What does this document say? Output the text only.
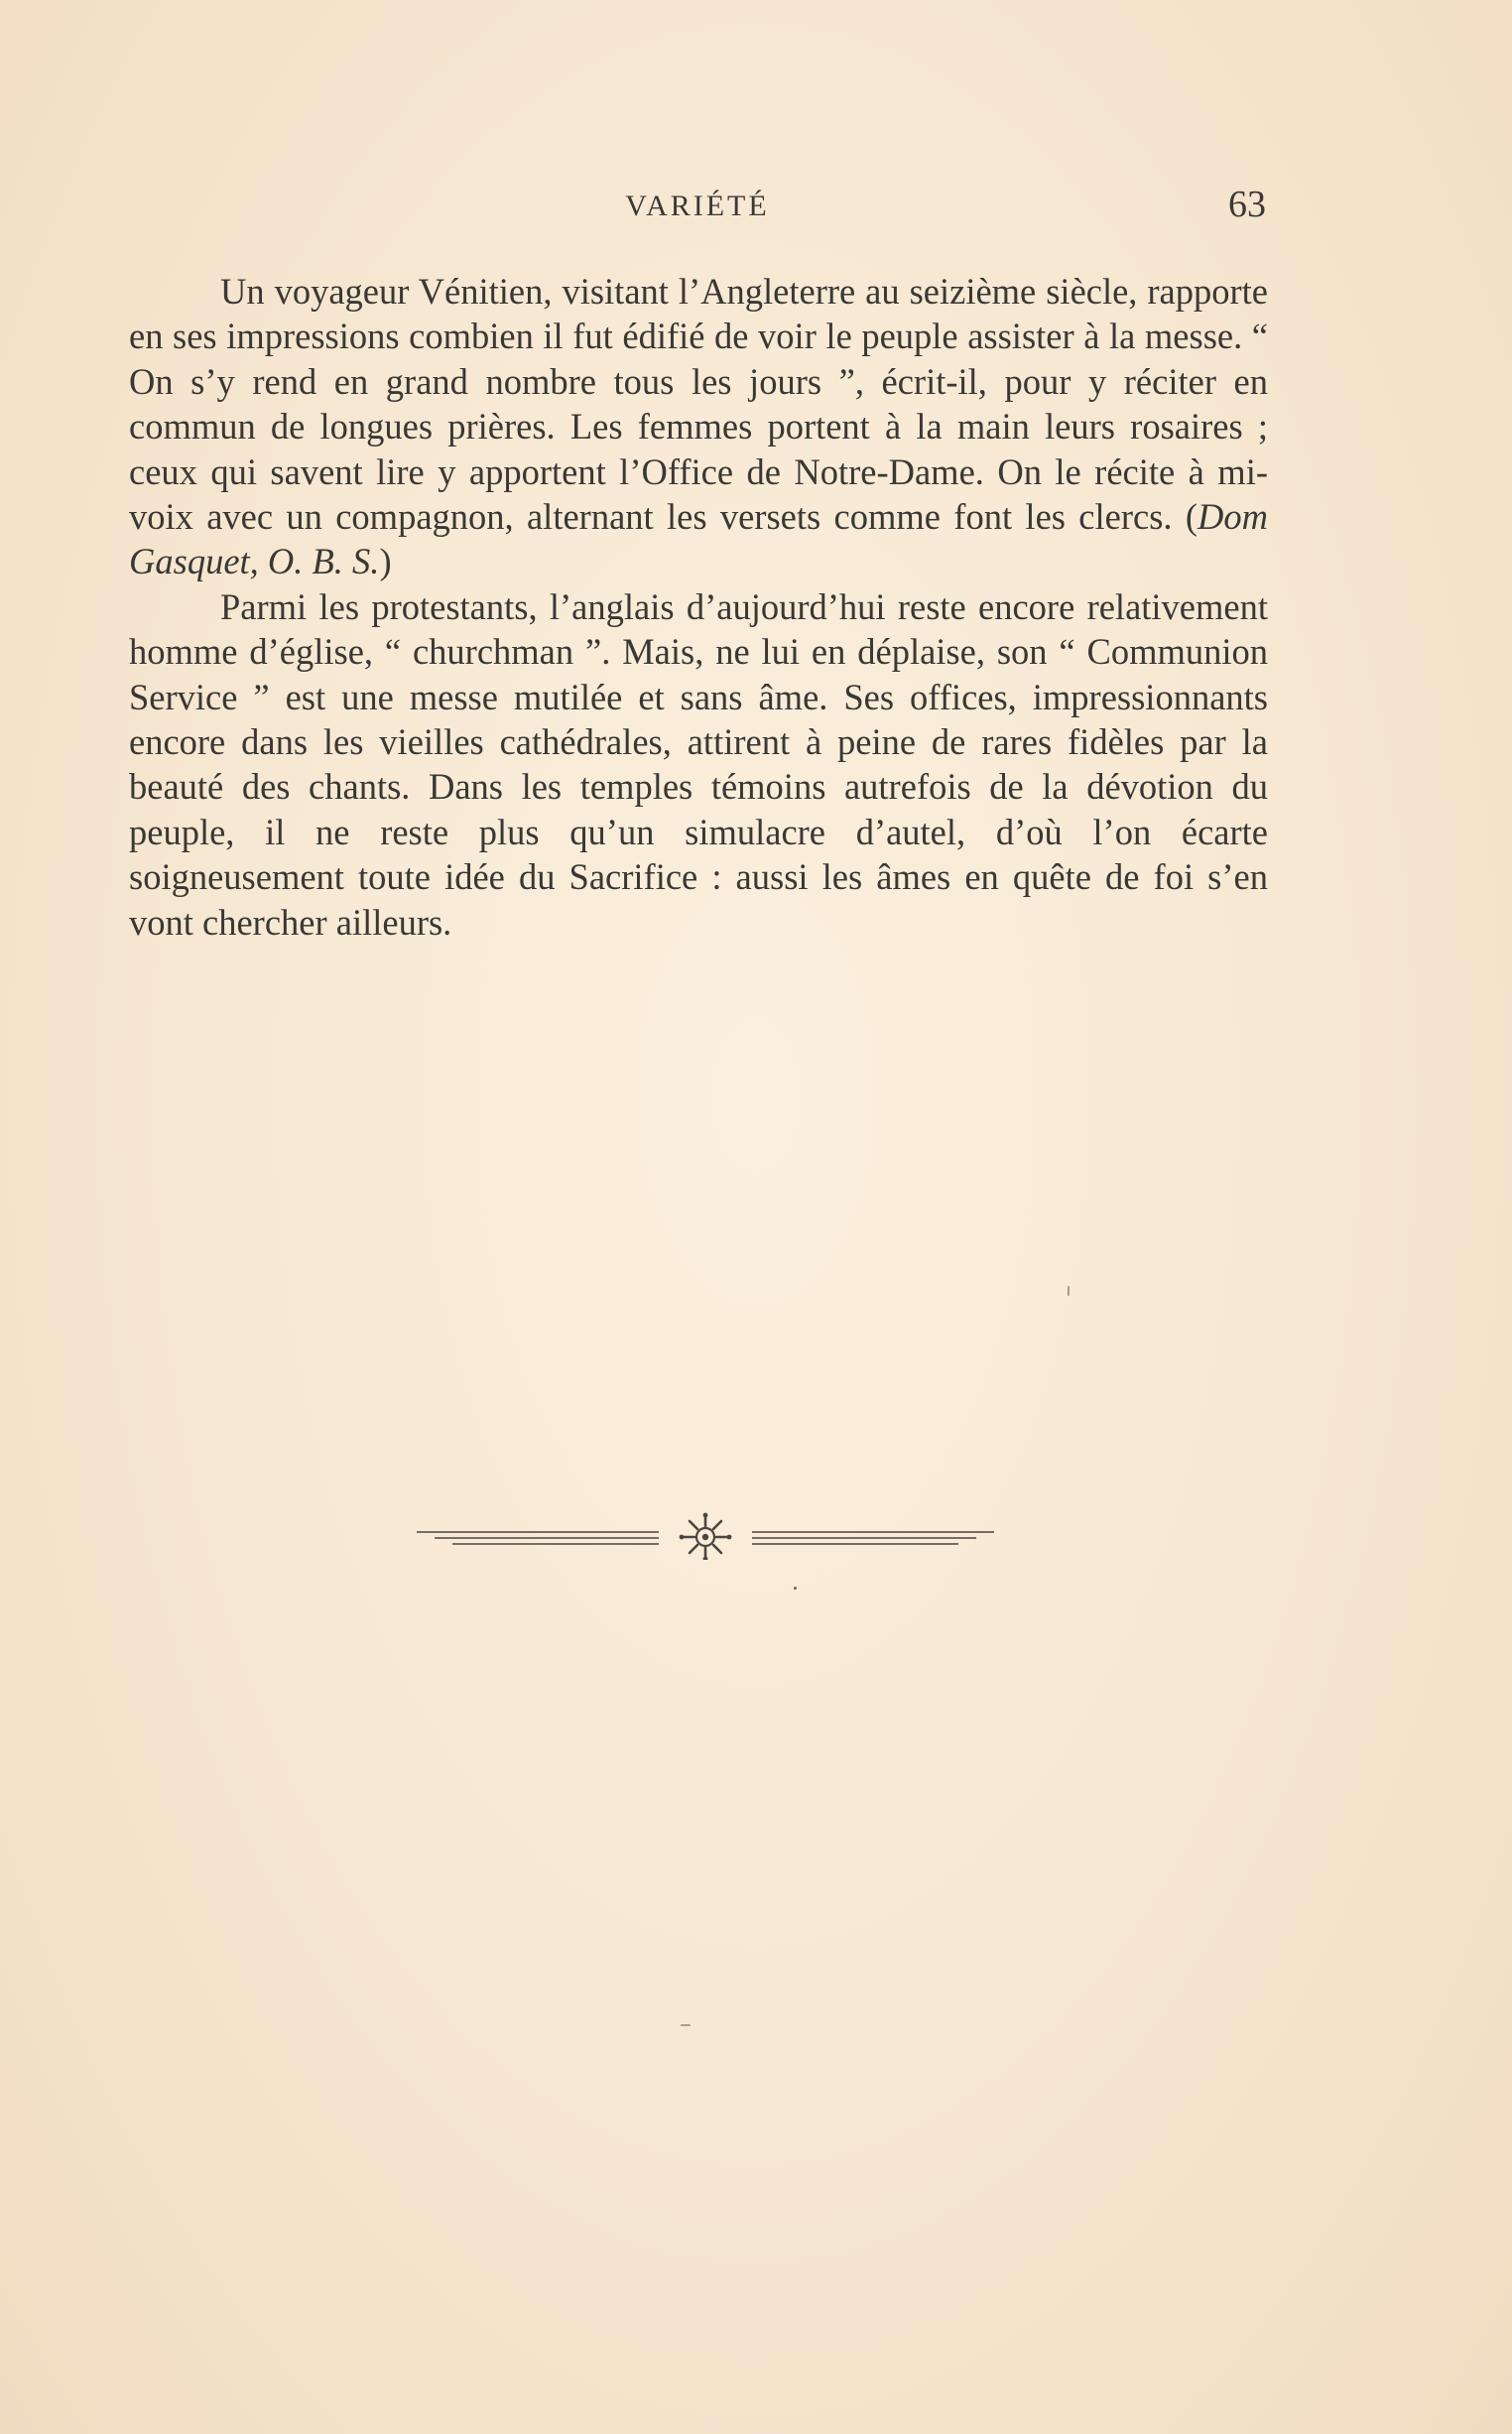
VARIÉTÉ	63

Un voyageur Vénitien, visitant l’Angleterre au seizième siècle, rapporte en ses impressions combien il fut édifié de voir le peuple assister à la messe. “ On s’y rend en grand nombre tous les jours ”, écrit-il, pour y réciter en commun de longues prières. Les femmes portent à la main leurs rosaires ; ceux qui savent lire y apportent l’Office de Notre-Dame. On le récite à mi-voix avec un compagnon, alternant les versets comme font les clercs. (Dom Gasquet, O. B. S.)

Parmi les protestants, l’anglais d’aujourd’hui reste encore relativement homme d’église, “ churchman ”. Mais, ne lui en déplaise, son “ Communion Service ” est une messe mutilée et sans âme. Ses offices, impressionnants encore dans les vieilles cathédrales, attirent à peine de rares fidèles par la beauté des chants. Dans les temples témoins autrefois de la dévotion du peuple, il ne reste plus qu’un simulacre d’autel, d’où l’on écarte soigneusement toute idée du Sacrifice : aussi les âmes en quête de foi s’en vont chercher ailleurs.
